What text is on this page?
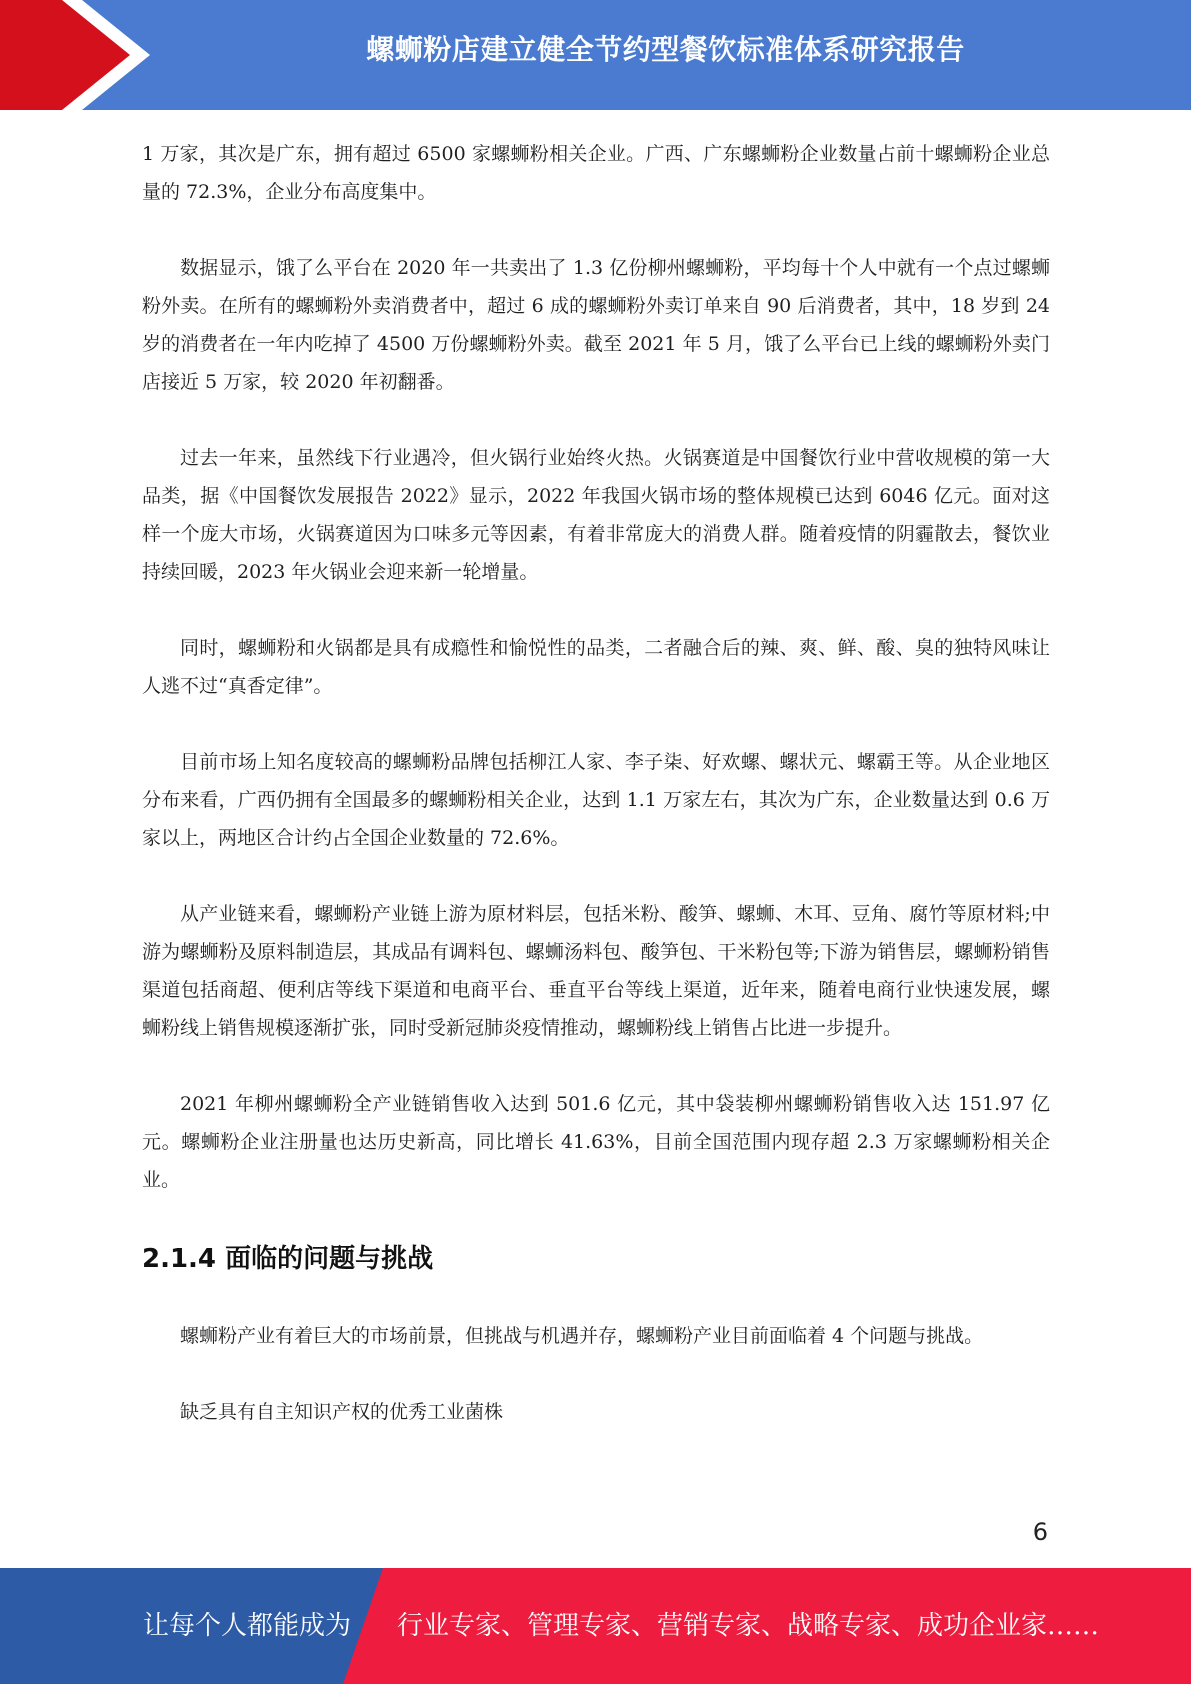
螺蛳粉店建立健全节约型餐饮标准体系研究报告

1 万家，其次是广东，拥有超过 6500 家螺蛳粉相关企业。广西、广东螺蛳粉企业数量占前十螺蛳粉企业总量的 72.3%，企业分布高度集中。

数据显示，饿了么平台在 2020 年一共卖出了 1.3 亿份柳州螺蛳粉，平均每十个人中就有一个点过螺蛳粉外卖。在所有的螺蛳粉外卖消费者中，超过 6 成的螺蛳粉外卖订单来自 90 后消费者，其中，18 岁到 24 岁的消费者在一年内吃掉了 4500 万份螺蛳粉外卖。截至 2021 年 5 月，饿了么平台已上线的螺蛳粉外卖门店接近 5 万家，较 2020 年初翻番。

过去一年来，虽然线下行业遇冷，但火锅行业始终火热。火锅赛道是中国餐饮行业中营收规模的第一大品类，据《中国餐饮发展报告 2022》显示，2022 年我国火锅市场的整体规模已达到 6046 亿元。面对这样一个庞大市场，火锅赛道因为口味多元等因素，有着非常庞大的消费人群。随着疫情的阴霾散去，餐饮业持续回暖，2023 年火锅业会迎来新一轮增量。

同时，螺蛳粉和火锅都是具有成瘾性和愉悦性的品类，二者融合后的辣、爽、鲜、酸、臭的独特风味让人逃不过“真香定律”。

目前市场上知名度较高的螺蛳粉品牌包括柳江人家、李子柒、好欢螺、螺状元、螺霸王等。从企业地区分布来看，广西仍拥有全国最多的螺蛳粉相关企业，达到 1.1 万家左右，其次为广东，企业数量达到 0.6 万家以上，两地区合计约占全国企业数量的 72.6%。

从产业链来看，螺蛳粉产业链上游为原材料层，包括米粉、酸笋、螺蛳、木耳、豆角、腐竹等原材料;中游为螺蛳粉及原料制造层，其成品有调料包、螺蛳汤料包、酸笋包、干米粉包等;下游为销售层，螺蛳粉销售渠道包括商超、便利店等线下渠道和电商平台、垂直平台等线上渠道，近年来，随着电商行业快速发展，螺蛳粉线上销售规模逐渐扩张，同时受新冠肺炎疫情推动，螺蛳粉线上销售占比进一步提升。

2021 年柳州螺蛳粉全产业链销售收入达到 501.6 亿元，其中袋装柳州螺蛳粉销售收入达 151.97 亿元。螺蛳粉企业注册量也达历史新高，同比增长 41.63%，目前全国范围内现存超 2.3 万家螺蛳粉相关企业。

2.1.4 面临的问题与挑战

螺蛳粉产业有着巨大的市场前景，但挑战与机遇并存，螺蛳粉产业目前面临着 4 个问题与挑战。

缺乏具有自主知识产权的优秀工业菌株

6
让每个人都能成为 行业专家、管理专家、营销专家、战略专家、成功企业家……
